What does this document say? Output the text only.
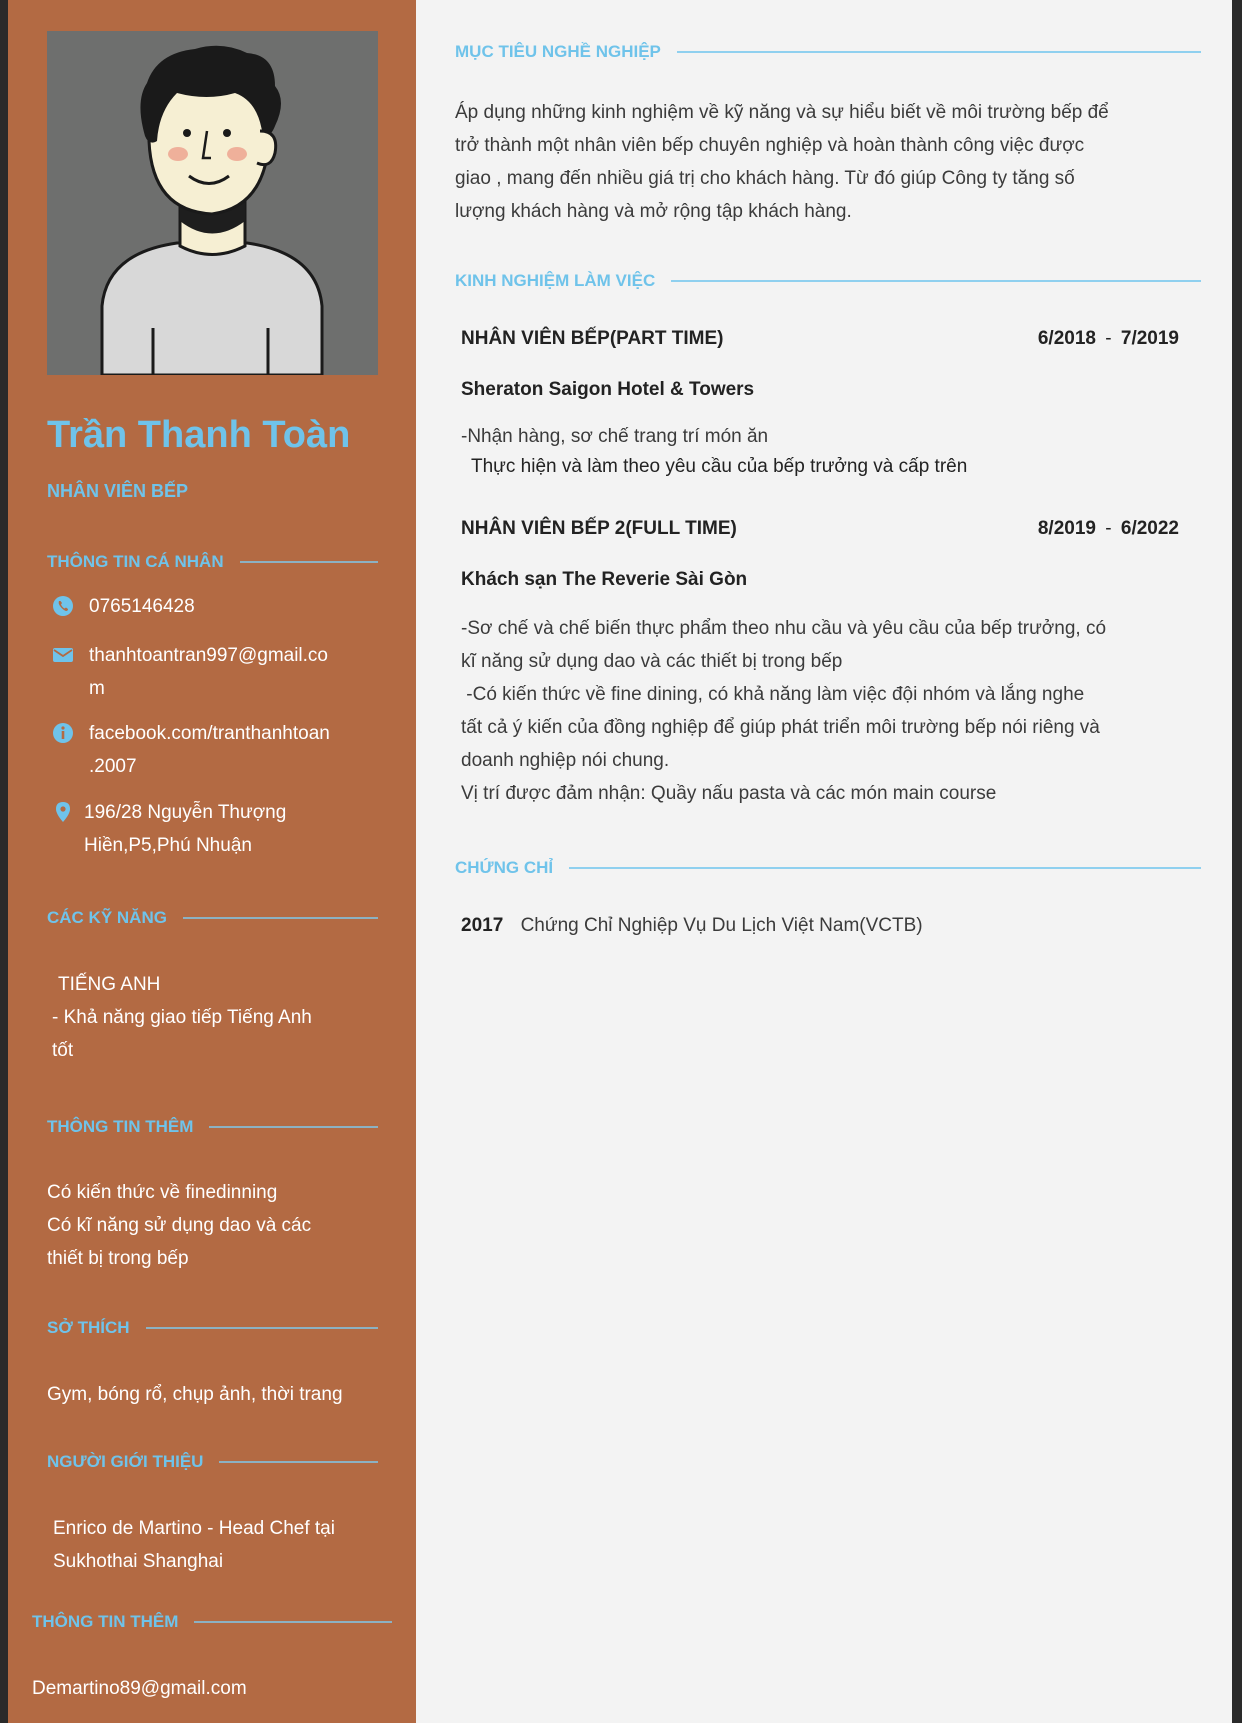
Trần Thanh Toàn
NHÂN VIÊN BẾP
THÔNG TIN CÁ NHÂN
0765146428
thanhtoantran997@gmail.co
m
facebook.com/tranthanhtoan
.2007
196/28 Nguyễn Thượng
Hiền,P5,Phú Nhuận
CÁC KỸ NĂNG
TIẾNG ANH
- Khả năng giao tiếp Tiếng Anh
tốt
THÔNG TIN THÊM
Có kiến thức về finedinning
Có kĩ năng sử dụng dao và các
thiết bị trong bếp
SỞ THÍCH
Gym, bóng rổ, chụp ảnh, thời trang
NGƯỜI GIỚI THIỆU
Enrico de Martino - Head Chef tại
Sukhothai Shanghai
THÔNG TIN THÊM
Demartino89@gmail.com
MỤC TIÊU NGHỀ NGHIỆP
Áp dụng những kinh nghiệm về kỹ năng và sự hiểu biết về môi trường bếp để
trở thành một nhân viên bếp chuyên nghiệp và hoàn thành công việc được
giao , mang đến nhiều giá trị cho khách hàng. Từ đó giúp Công ty tăng số
lượng khách hàng và mở rộng tập khách hàng.
KINH NGHIỆM LÀM VIỆC
NHÂN VIÊN BẾP(PART TIME)	6/2018 - 7/2019
Sheraton Saigon Hotel & Towers
-Nhận hàng, sơ chế trang trí món ăn
Thực hiện và làm theo yêu cầu của bếp trưởng và cấp trên
NHÂN VIÊN BẾP 2(FULL TIME)	8/2019 - 6/2022
Khách sạn The Reverie Sài Gòn
-Sơ chế và chế biến thực phẩm theo nhu cầu và yêu cầu của bếp trưởng, có
kĩ năng sử dụng dao và các thiết bị trong bếp
-Có kiến thức về fine dining, có khả năng làm việc đội nhóm và lắng nghe
tất cả ý kiến của đồng nghiệp để giúp phát triển môi trường bếp nói riêng và
doanh nghiệp nói chung.
Vị trí được đảm nhận: Quầy nấu pasta và các món main course
CHỨNG CHỈ
2017 Chứng Chỉ Nghiệp Vụ Du Lịch Việt Nam(VCTB)
